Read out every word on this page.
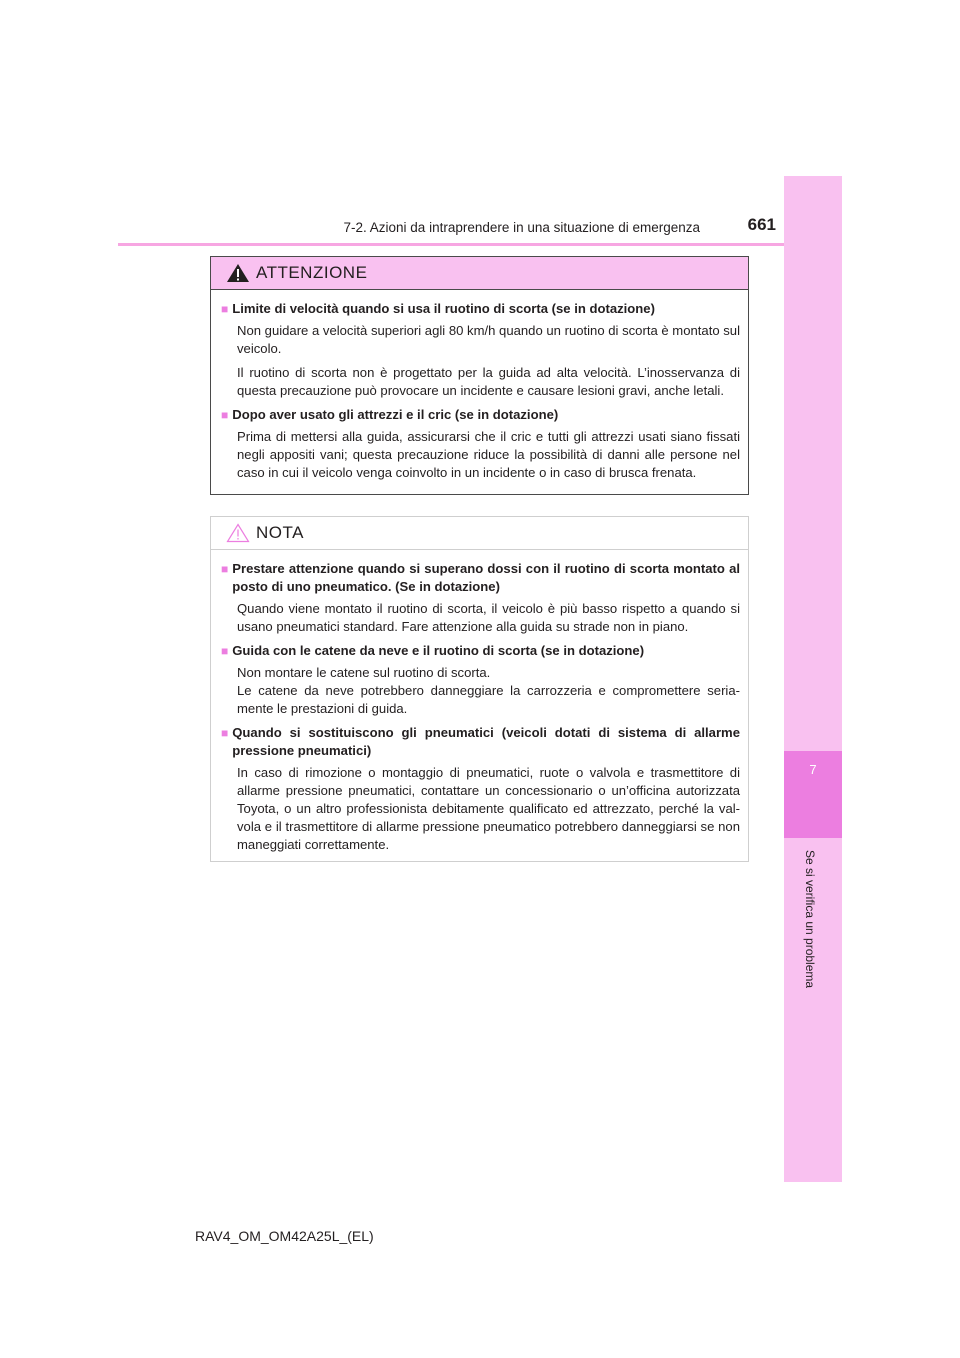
7
Se si verifica un problema
7-2. Azioni da intraprendere in una situazione di emergenza	661
ATTENZIONE
■ Limite di velocità quando si usa il ruotino di scorta (se in dotazione)
Non guidare a velocità superiori agli 80 km/h quando un ruotino di scorta è montato sul veicolo.
Il ruotino di scorta non è progettato per la guida ad alta velocità. L’inosservanza di questa precauzione può provocare un incidente e causare lesioni gravi, anche letali.
■ Dopo aver usato gli attrezzi e il cric (se in dotazione)
Prima di mettersi alla guida, assicurarsi che il cric e tutti gli attrezzi usati siano fissati negli appositi vani; questa precauzione riduce la possibilità di danni alle persone nel caso in cui il veicolo venga coinvolto in un incidente o in caso di brusca frenata.
NOTA
■ Prestare attenzione quando si superano dossi con il ruotino di scorta montato al posto di uno pneumatico. (Se in dotazione)
Quando viene montato il ruotino di scorta, il veicolo è più basso rispetto a quando si usano pneumatici standard. Fare attenzione alla guida su strade non in piano.
■ Guida con le catene da neve e il ruotino di scorta (se in dotazione)
Non montare le catene sul ruotino di scorta.
Le catene da neve potrebbero danneggiare la carrozzeria e compromettere seria-mente le prestazioni di guida.
■ Quando si sostituiscono gli pneumatici (veicoli dotati di sistema di allarme pressione pneumatici)
In caso di rimozione o montaggio di pneumatici, ruote o valvola e trasmettitore di allarme pressione pneumatici, contattare un concessionario o un’officina autorizzata Toyota, o un altro professionista debitamente qualificato ed attrezzato, perché la val-vola e il trasmettitore di allarme pressione pneumatico potrebbero danneggiarsi se non maneggiati correttamente.
RAV4_OM_OM42A25L_(EL)
